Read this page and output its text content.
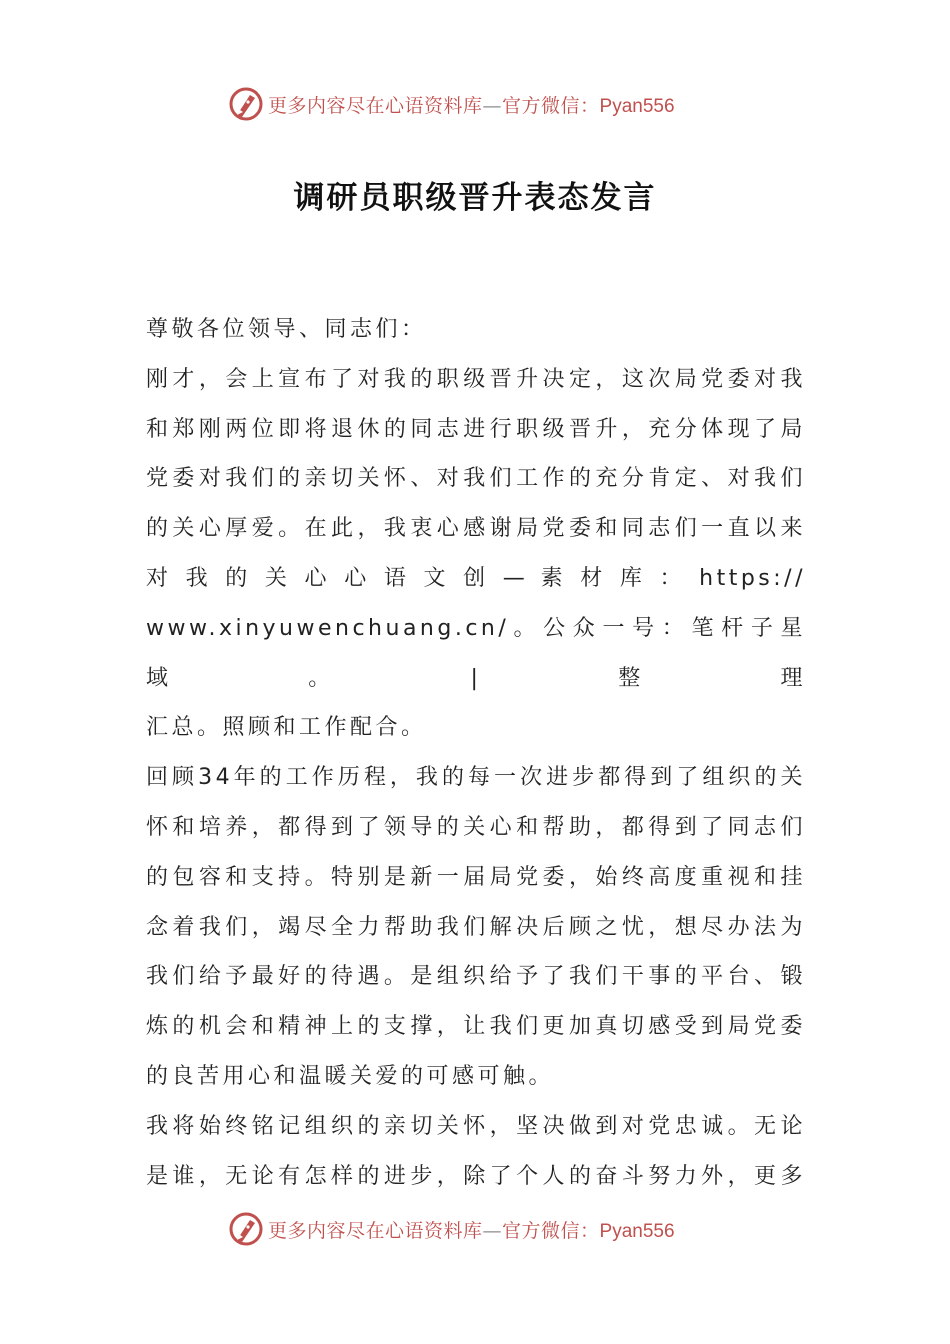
更多内容尽在心语资料库—官方微信：Pyan556
调研员职级晋升表态发言

尊敬各位领导、同志们：

刚才，会上宣布了对我的职级晋升决定，这次局党委对我

和郑刚两位即将退休的同志进行职级晋升，充分体现了局

党委对我们的亲切关怀、对我们工作的充分肯定、对我们

的关心厚爱。在此，我衷心感谢局党委和同志们一直以来

对 我 的 关 心 心 语 文 创 — 素 材 库 ： https://

www.xinyuwenchuang.cn/。公众一号：笔杆子星域。|整理

汇总。照顾和工作配合。

回顾34年的工作历程，我的每一次进步都得到了组织的关

怀和培养，都得到了领导的关心和帮助，都得到了同志们

的包容和支持。特别是新一届局党委，始终高度重视和挂

念着我们，竭尽全力帮助我们解决后顾之忧，想尽办法为

我们给予最好的待遇。是组织给予了我们干事的平台、锻

炼的机会和精神上的支撑，让我们更加真切感受到局党委

的良苦用心和温暖关爱的可感可触。

我将始终铭记组织的亲切关怀，坚决做到对党忠诚。无论

是谁，无论有怎样的进步，除了个人的奋斗努力外，更多

更多内容尽在心语资料库—官方微信：Pyan556
